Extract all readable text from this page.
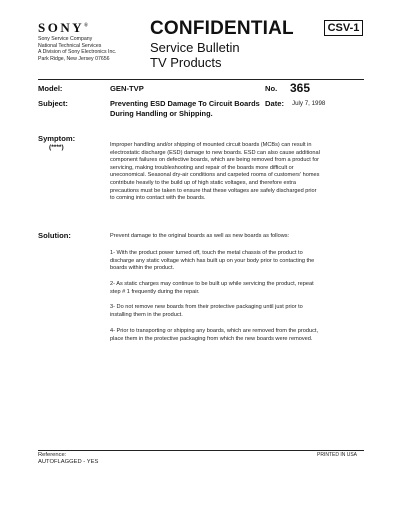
SONY®
Sony Service Company
National Technical Services
A Division of Sony Electronics Inc.
Park Ridge, New Jersey 07656
CONFIDENTIAL
Service Bulletin
TV Products
CSV-1
Model:	GEN-TVP	No. 365
Subject:	Preventing ESD Damage To Circuit Boards
During Handling or Shipping.
Date: July 7, 1998
Symptom:
(****)	Improper handling and/or shipping of mounted circuit boards (MCBs) can result in
electrostatic discharge (ESD) damage to new boards. ESD can also cause additional
component failures on defective boards, which are being removed from a product for
servicing, making troubleshooting and repair of the boards more difficult or
uneconomical. Seasonal dry-air conditions and carpeted rooms of customers' homes
contribute heavily to the build up of high static voltages, and therefore extra
precautions must be taken to ensure that these voltages are safely discharged prior
to coming into contact with the boards.
Solution:	Prevent damage to the original boards as well as new boards as follows:
1- With the product power turned off, touch the metal chassis of the product to
discharge any static voltage which has built up on your body prior to contacting the
boards within the product.
2- As static charges may continue to be built up while servicing the product, repeat
step # 1 frequently during the repair.
3- Do not remove new boards from their protective packaging until just prior to
installing them in the product.
4- Prior to transporting or shipping any boards, which are removed from the product,
place them in the protective packaging from which the new boards were removed.
Reference:
AUTOFLAGGED - YES
PRINTED IN USA
